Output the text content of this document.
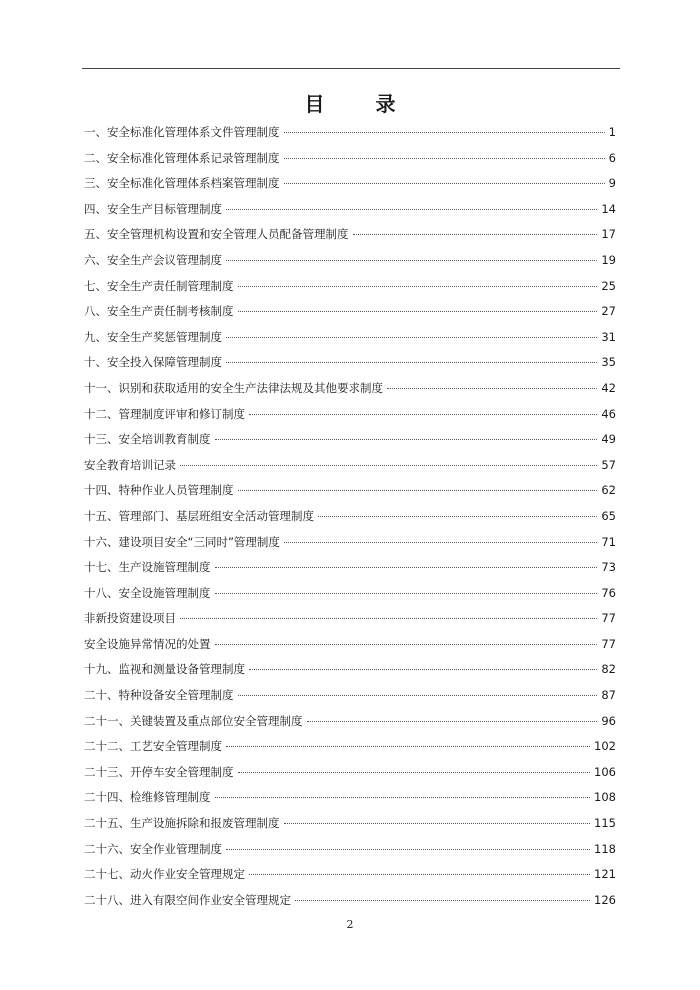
目 录
一、安全标准化管理体系文件管理制度	1
二、安全标准化管理体系记录管理制度	6
三、安全标准化管理体系档案管理制度	9
四、安全生产目标管理制度	14
五、安全管理机构设置和安全管理人员配备管理制度	17
六、安全生产会议管理制度	19
七、安全生产责任制管理制度	25
八、安全生产责任制考核制度	27
九、安全生产奖惩管理制度	31
十、安全投入保障管理制度	35
十一、识别和获取适用的安全生产法律法规及其他要求制度	42
十二、管理制度评审和修订制度	46
十三、安全培训教育制度	49
安全教育培训记录	57
十四、特种作业人员管理制度	62
十五、管理部门、基层班组安全活动管理制度	65
十六、建设项目安全“三同时”管理制度	71
十七、生产设施管理制度	73
十八、安全设施管理制度	76
非新投资建设项目	77
安全设施异常情况的处置	77
十九、监视和测量设备管理制度	82
二十、特种设备安全管理制度	87
二十一、关键装置及重点部位安全管理制度	96
二十二、工艺安全管理制度	102
二十三、开停车安全管理制度	106
二十四、检维修管理制度	108
二十五、生产设施拆除和报废管理制度	115
二十六、安全作业管理制度	118
二十七、动火作业安全管理规定	121
二十八、进入有限空间作业安全管理规定	126
2
